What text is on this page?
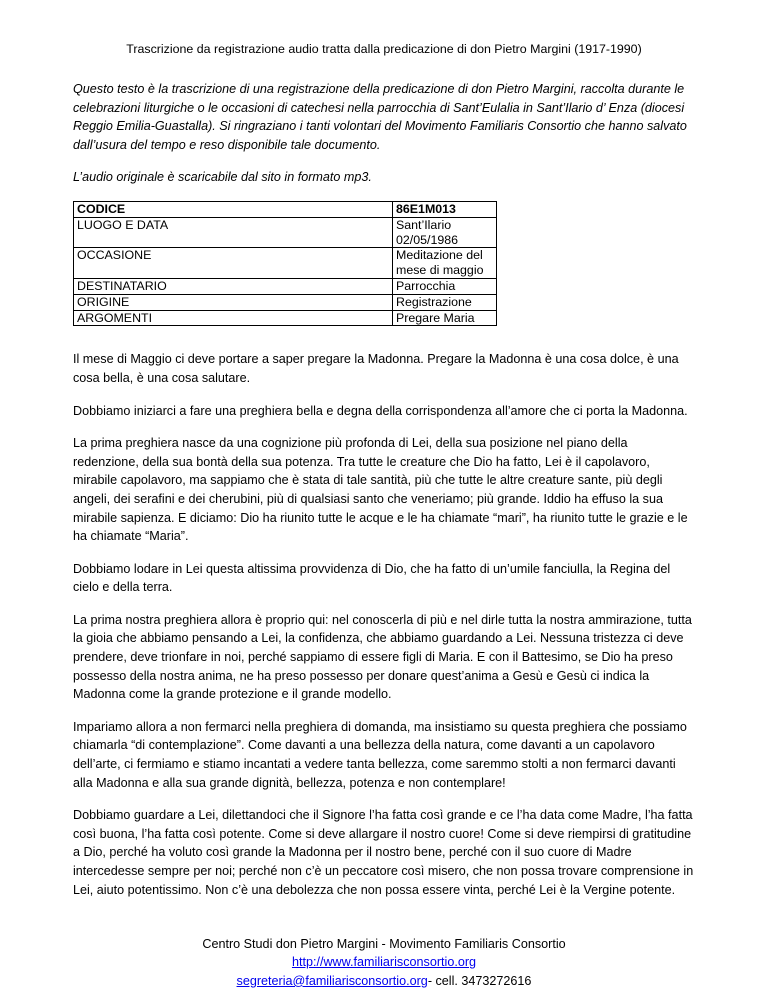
Trascrizione da registrazione audio tratta dalla predicazione di don Pietro Margini (1917-1990)

Questo testo è la trascrizione di una registrazione della predicazione di don Pietro Margini, raccolta durante le celebrazioni liturgiche o le occasioni di catechesi nella parrocchia di Sant’Eulalia in Sant’Ilario d’ Enza (diocesi Reggio Emilia-Guastalla). Si ringraziano i tanti volontari del Movimento Familiaris Consortio che hanno salvato dall’usura del tempo e reso disponibile tale documento.

L’audio originale è scaricabile dal sito in formato mp3.

CODICE	86E1M013
LUOGO E DATA	Sant’Ilario 02/05/1986
OCCASIONE	Meditazione del mese di maggio
DESTINATARIO	Parrocchia
ORIGINE	Registrazione
ARGOMENTI	Pregare Maria

Il mese di Maggio ci deve portare a saper pregare la Madonna. Pregare la Madonna è una cosa dolce, è una cosa bella, è una cosa salutare.

Dobbiamo iniziarci a fare una preghiera bella e degna della corrispondenza all’amore che ci porta la Madonna.

La prima preghiera nasce da una cognizione più profonda di Lei, della sua posizione nel piano della redenzione, della sua bontà della sua potenza. Tra tutte le creature che Dio ha fatto, Lei è il capolavoro, mirabile capolavoro, ma sappiamo che è stata di tale santità, più che tutte le altre creature sante, più degli angeli, dei serafini e dei cherubini, più di qualsiasi santo che veneriamo; più grande. Iddio ha effuso la sua mirabile sapienza. E diciamo: Dio ha riunito tutte le acque e le ha chiamate “mari”, ha riunito tutte le grazie e le ha chiamate “Maria”.

Dobbiamo lodare in Lei questa altissima provvidenza di Dio, che ha fatto di un’umile fanciulla, la Regina del cielo e della terra.

La prima nostra preghiera allora è proprio qui: nel conoscerla di più e nel dirle tutta la nostra ammirazione, tutta la gioia che abbiamo pensando a Lei, la confidenza, che abbiamo guardando a Lei. Nessuna tristezza ci deve prendere, deve trionfare in noi, perché sappiamo di essere figli di Maria. E con il Battesimo, se Dio ha preso possesso della nostra anima, ne ha preso possesso per donare quest’anima a Gesù e Gesù ci indica la Madonna come la grande protezione e il grande modello.

Impariamo allora a non fermarci nella preghiera di domanda, ma insistiamo su questa preghiera che possiamo chiamarla “di contemplazione”. Come davanti a una bellezza della natura, come davanti a un capolavoro dell’arte, ci fermiamo e stiamo incantati a vedere tanta bellezza, come saremmo stolti a non fermarci davanti alla Madonna e alla sua grande dignità, bellezza, potenza e non contemplare!

Dobbiamo guardare a Lei, dilettandoci che il Signore l’ha fatta così grande e ce l’ha data come Madre, l’ha fatta così buona, l’ha fatta così potente. Come si deve allargare il nostro cuore! Come si deve riempirsi di gratitudine a Dio, perché ha voluto così grande la Madonna per il nostro bene, perché con il suo cuore di Madre intercedesse sempre per noi; perché non c’è un peccatore così misero, che non possa trovare comprensione in Lei, aiuto potentissimo. Non c’è una debolezza che non possa essere vinta, perché Lei è la Vergine potente.

Centro Studi don Pietro Margini - Movimento Familiaris Consortio
http://www.familiarisconsortio.org
segreteria@familiarisconsortio.org- cell. 3473272616
